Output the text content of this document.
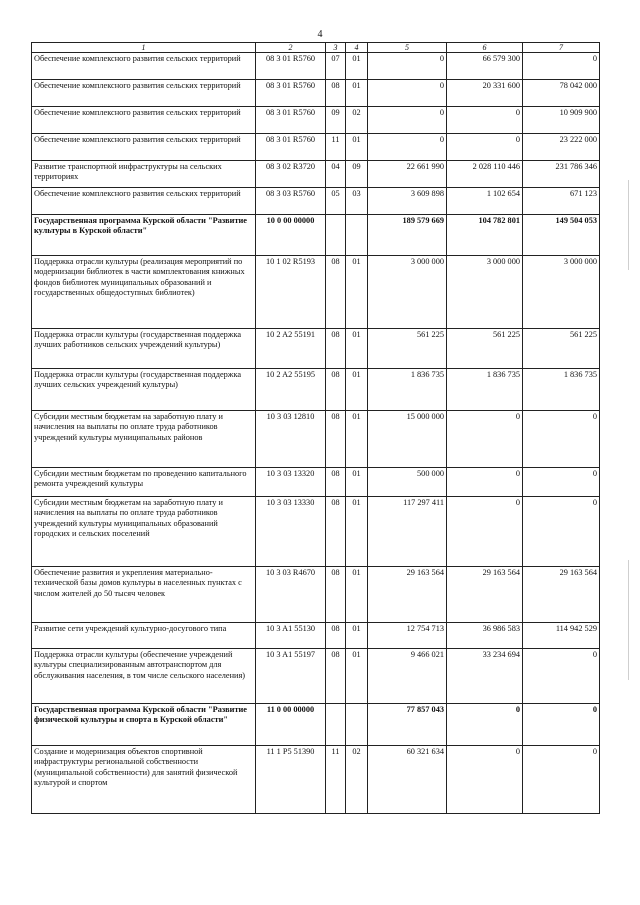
4
1	2	3	4	5	6	7
Обеспечение комплексного развития сельских территорий	08 3 01 R5760	07	01	0	66 579 300	0
Обеспечение комплексного развития сельских территорий	08 3 01 R5760	08	01	0	20 331 600	78 042 000
Обеспечение комплексного развития сельских территорий	08 3 01 R5760	09	02	0	0	10 909 900
Обеспечение комплексного развития сельских территорий	08 3 01 R5760	11	01	0	0	23 222 000
Развитие транспортной инфраструктуры на сельских территориях	08 3 02 R3720	04	09	22 661 990	2 028 110 446	231 786 346
Обеспечение комплексного развития сельских территорий	08 3 03 R5760	05	03	3 609 898	1 102 654	671 123
Государственная программа Курской области "Развитие культуры в Курской области"	10 0 00 00000			189 579 669	104 782 801	149 504 053
Поддержка отрасли культуры (реализация мероприятий по модернизации библиотек в части комплектования книжных фондов библиотек муниципальных образований и государственных общедоступных библиотек)	10 1 02 R5193	08	01	3 000 000	3 000 000	3 000 000
Поддержка отрасли культуры (государственная поддержка лучших работников сельских учреждений культуры)	10 2 A2 55191	08	01	561 225	561 225	561 225
Поддержка отрасли культуры (государственная поддержка лучших сельских учреждений культуры)	10 2 A2 55195	08	01	1 836 735	1 836 735	1 836 735
Субсидии местным бюджетам на заработную плату и начисления на выплаты по оплате труда работников учреждений культуры муниципальных районов	10 3 03 12810	08	01	15 000 000	0	0
Субсидии местным бюджетам по проведению капитального ремонта учреждений культуры	10 3 03 13320	08	01	500 000	0	0
Субсидии местным бюджетам на заработную плату и начисления на выплаты по оплате труда работников учреждений культуры муниципальных образований городских и сельских поселений	10 3 03 13330	08	01	117 297 411	0	0
Обеспечение развития и укрепления материально-технической базы домов культуры в населенных пунктах с числом жителей до 50 тысяч человек	10 3 03 R4670	08	01	29 163 564	29 163 564	29 163 564
Развитие сети учреждений культурно-досугового типа	10 3 A1 55130	08	01	12 754 713	36 986 583	114 942 529
Поддержка отрасли культуры (обеспечение учреждений культуры специализированным автотранспортом для обслуживания населения, в том числе сельского населения)	10 3 A1 55197	08	01	9 466 021	33 234 694	0
Государственная программа Курской области "Развитие физической культуры и спорта в Курской области"	11 0 00 00000			77 857 043	0	0
Создание и модернизация объектов спортивной инфраструктуры региональной собственности (муниципальной собственности) для занятий физической культурой и спортом	11 1 P5 51390	11	02	60 321 634	0	0
